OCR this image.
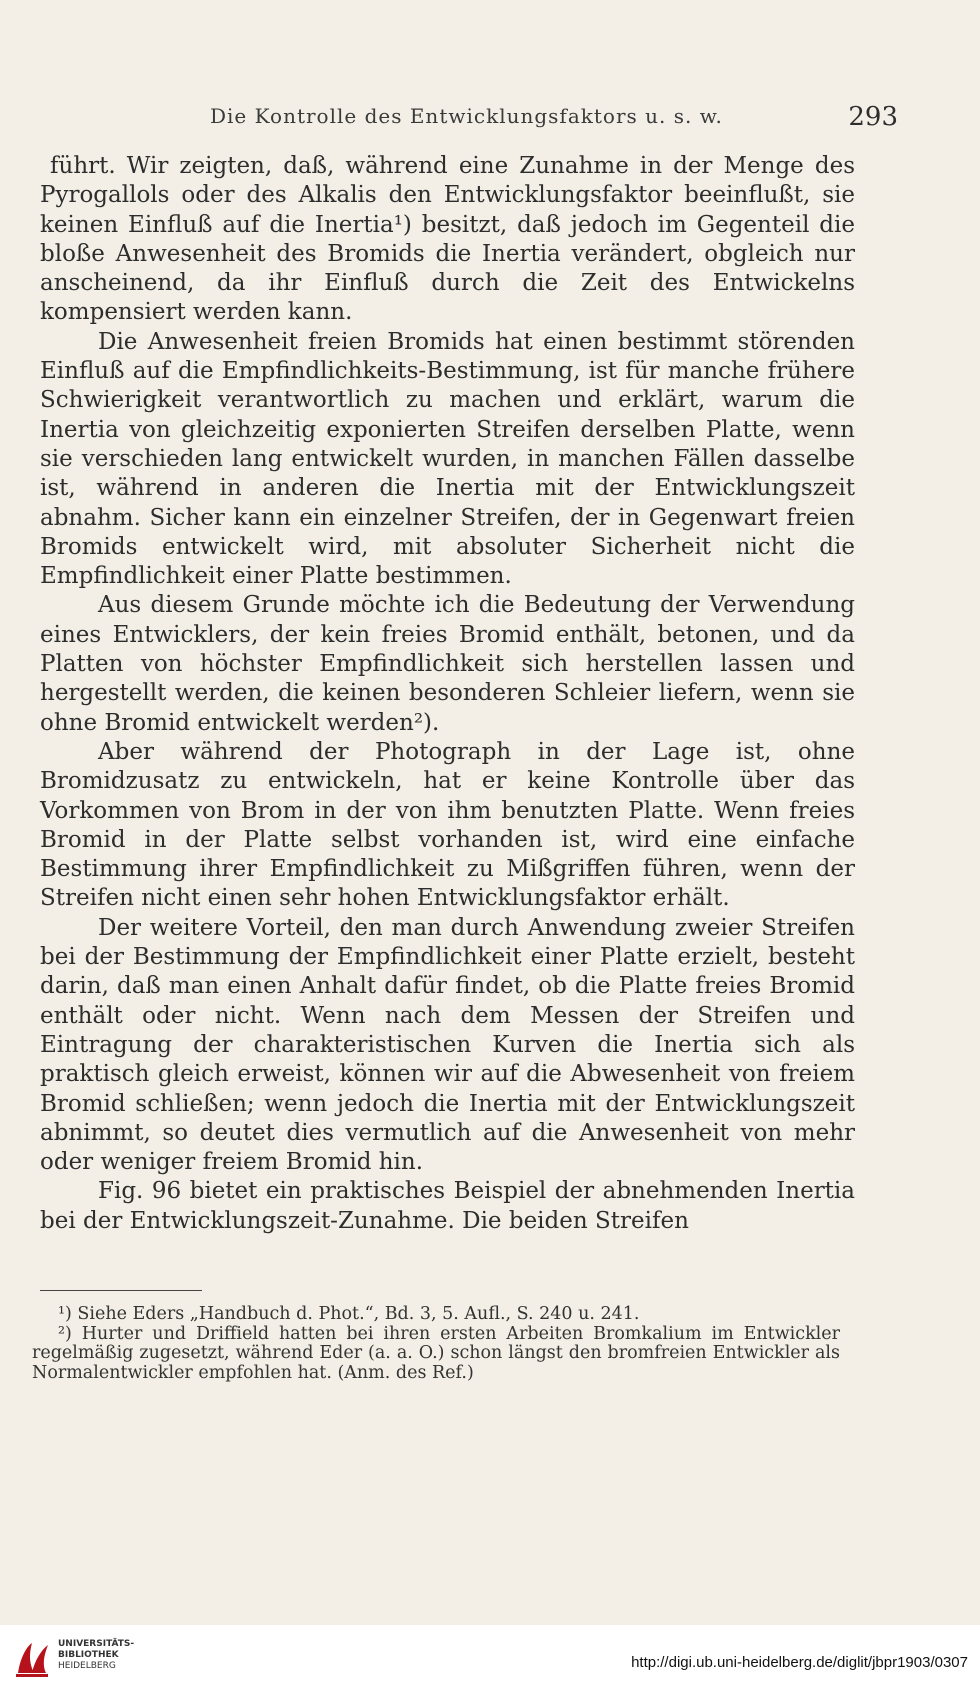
Die Kontrolle des Entwicklungsfaktors u. s. w.	293

führt. Wir zeigten, daß, während eine Zunahme in der Menge des Pyrogallols oder des Alkalis den Entwicklungsfaktor beeinflußt, sie keinen Einfluß auf die Inertia¹) besitzt, daß jedoch im Gegenteil die bloße Anwesenheit des Bromids die Inertia verändert, obgleich nur anscheinend, da ihr Einfluß durch die Zeit des Entwickelns kompensiert werden kann.

Die Anwesenheit freien Bromids hat einen bestimmt störenden Einfluß auf die Empfindlichkeits-Bestimmung, ist für manche frühere Schwierigkeit verantwortlich zu machen und erklärt, warum die Inertia von gleichzeitig exponierten Streifen derselben Platte, wenn sie verschieden lang entwickelt wurden, in manchen Fällen dasselbe ist, während in anderen die Inertia mit der Entwicklungszeit abnahm. Sicher kann ein einzelner Streifen, der in Gegenwart freien Bromids entwickelt wird, mit absoluter Sicherheit nicht die Empfindlichkeit einer Platte bestimmen.

Aus diesem Grunde möchte ich die Bedeutung der Verwendung eines Entwicklers, der kein freies Bromid enthält, betonen, und da Platten von höchster Empfindlichkeit sich herstellen lassen und hergestellt werden, die keinen besonderen Schleier liefern, wenn sie ohne Bromid entwickelt werden²).

Aber während der Photograph in der Lage ist, ohne Bromidzusatz zu entwickeln, hat er keine Kontrolle über das Vorkommen von Brom in der von ihm benutzten Platte. Wenn freies Bromid in der Platte selbst vorhanden ist, wird eine einfache Bestimmung ihrer Empfindlichkeit zu Mißgriffen führen, wenn der Streifen nicht einen sehr hohen Entwicklungsfaktor erhält.

Der weitere Vorteil, den man durch Anwendung zweier Streifen bei der Bestimmung der Empfindlichkeit einer Platte erzielt, besteht darin, daß man einen Anhalt dafür findet, ob die Platte freies Bromid enthält oder nicht. Wenn nach dem Messen der Streifen und Eintragung der charakteristischen Kurven die Inertia sich als praktisch gleich erweist, können wir auf die Abwesenheit von freiem Bromid schließen; wenn jedoch die Inertia mit der Entwicklungszeit abnimmt, so deutet dies vermutlich auf die Anwesenheit von mehr oder weniger freiem Bromid hin.

Fig. 96 bietet ein praktisches Beispiel der abnehmenden Inertia bei der Entwicklungszeit-Zunahme. Die beiden Streifen

¹) Siehe Eders „Handbuch d. Phot.“, Bd. 3, 5. Aufl., S. 240 u. 241.

²) Hurter und Driffield hatten bei ihren ersten Arbeiten Bromkalium im Entwickler regelmäßig zugesetzt, während Eder (a. a. O.) schon längst den bromfreien Entwickler als Normalentwickler empfohlen hat. (Anm. des Ref.)

UNIVERSITÄTS-
BIBLIOTHEK
HEIDELBERG	http://digi.ub.uni-heidelberg.de/diglit/jbpr1903/0307
